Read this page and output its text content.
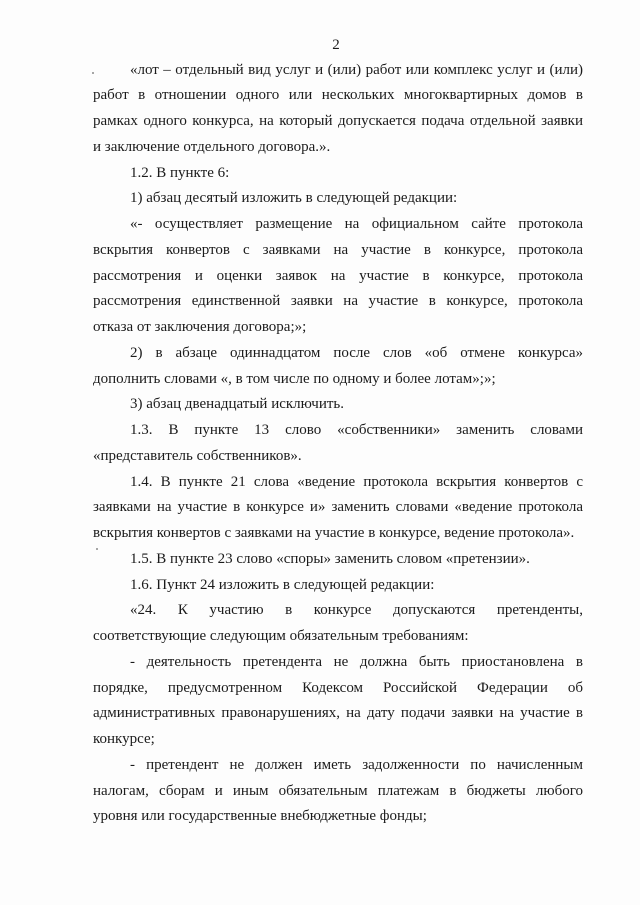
2
«лот – отдельный вид услуг и (или) работ или комплекс услуг и (или)
работ в отношении одного или нескольких многоквартирных домов в
рамках одного конкурса, на который допускается подача отдельной заявки
и заключение отдельного договора.».
1.2. В пункте 6:
1) абзац десятый изложить в следующей редакции:
«- осуществляет размещение на официальном сайте протокола
вскрытия конвертов с заявками на участие в конкурсе, протокола
рассмотрения и оценки заявок на участие в конкурсе, протокола
рассмотрения единственной заявки на участие в конкурсе, протокола
отказа от заключения договора;»;
2) в абзаце одиннадцатом после слов «об отмене конкурса»
дополнить словами «, в том числе по одному и более лотам»;»;
3) абзац двенадцатый исключить.
1.3. В пункте 13 слово «собственники» заменить словами
«представитель собственников».
1.4. В пункте 21 слова «ведение протокола вскрытия конвертов с
заявками на участие в конкурсе и» заменить словами «ведение протокола
вскрытия конвертов с заявками на участие в конкурсе, ведение протокола».
1.5. В пункте 23 слово «споры» заменить словом «претензии».
1.6. Пункт 24 изложить в следующей редакции:
«24. К участию в конкурсе допускаются претенденты,
соответствующие следующим обязательным требованиям:
- деятельность претендента не должна быть приостановлена в
порядке, предусмотренном Кодексом Российской Федерации об
административных правонарушениях, на дату подачи заявки на участие в
конкурсе;
- претендент не должен иметь задолженности по начисленным
налогам, сборам и иным обязательным платежам в бюджеты любого
уровня или государственные внебюджетные фонды;
